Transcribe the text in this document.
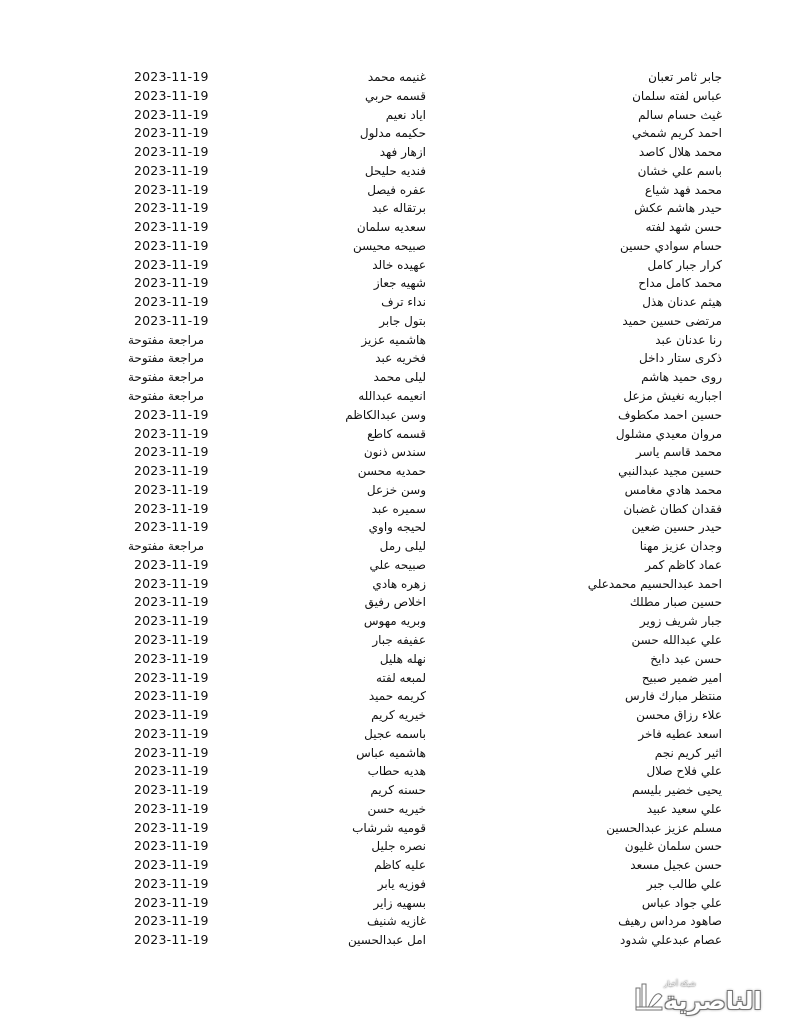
جابر ثامر تعبان
غنيمه محمد
2023-11-19
عباس لفته سلمان
قسمه حربي
2023-11-19
غيث حسام سالم
اياد نعيم
2023-11-19
احمد كريم شمخي
حكيمه مدلول
2023-11-19
محمد هلال كاصد
ازهار فهد
2023-11-19
باسم علي خشان
فنديه حليحل
2023-11-19
محمد فهد شياع
عفره فيصل
2023-11-19
حيدر هاشم عكش
برتقاله عبد
2023-11-19
حسن شهد لفته
سعديه سلمان
2023-11-19
حسام سوادي حسين
صبيحه محيسن
2023-11-19
كرار جبار كامل
عهيده خالد
2023-11-19
محمد كامل مداح
شهيه جعاز
2023-11-19
هيثم عدنان هذل
نداء ترف
2023-11-19
مرتضى حسين حميد
بتول جابر
2023-11-19
رنا عدنان عبد
هاشميه عزيز
مراجعة مفتوحة
ذكرى ستار داخل
فخريه عبد
مراجعة مفتوحة
روى حميد هاشم
ليلى محمد
مراجعة مفتوحة
اجباريه نغيش مزعل
انعيمه عبدالله
مراجعة مفتوحة
حسين احمد مكطوف
وسن عبدالكاظم
2023-11-19
مروان معيدي مشلول
قسمه كاطع
2023-11-19
محمد قاسم ياسر
سندس ذنون
2023-11-19
حسين مجيد عبدالنبي
حمديه محسن
2023-11-19
محمد هادي مغامس
وسن خزعل
2023-11-19
فقدان كطان غضبان
سميره عبد
2023-11-19
حيدر حسين ضعين
لحيجه واوي
2023-11-19
وجدان عزيز مهنا
ليلى رمل
مراجعة مفتوحة
عماد كاظم كمر
صبيحه علي
2023-11-19
احمد عبدالحسيم محمدعلي
زهره هادي
2023-11-19
حسين صبار مطلك
اخلاص رفيق
2023-11-19
جبار شريف زوير
وبريه مهوس
2023-11-19
علي عبدالله حسن
عفيفه جبار
2023-11-19
حسن عبد دايخ
نهله هليل
2023-11-19
امير ضمير صبيح
لمبعه لفته
2023-11-19
منتظر مبارك فارس
كريمه حميد
2023-11-19
علاء رزاق محسن
خيريه كريم
2023-11-19
اسعد عطيه فاخر
باسمه عجيل
2023-11-19
اثير كريم نجم
هاشميه عباس
2023-11-19
علي فلاح صلال
هديه حطاب
2023-11-19
يحيى خضير بليسم
حسنه كريم
2023-11-19
علي سعيد عبيد
خيريه حسن
2023-11-19
مسلم عزيز عبدالحسين
قوميه شرشاب
2023-11-19
حسن سلمان غليون
نصره جليل
2023-11-19
حسن عجيل مسعد
عليه كاظم
2023-11-19
علي طالب جبر
فوزيه يابر
2023-11-19
علي جواد عباس
بسهيه زاير
2023-11-19
صاهود مرداس رهيف
غازيه شنيف
2023-11-19
عصام عبدعلي شدود
امل عبدالحسين
2023-11-19
شبكة أخبار
الناصرية
